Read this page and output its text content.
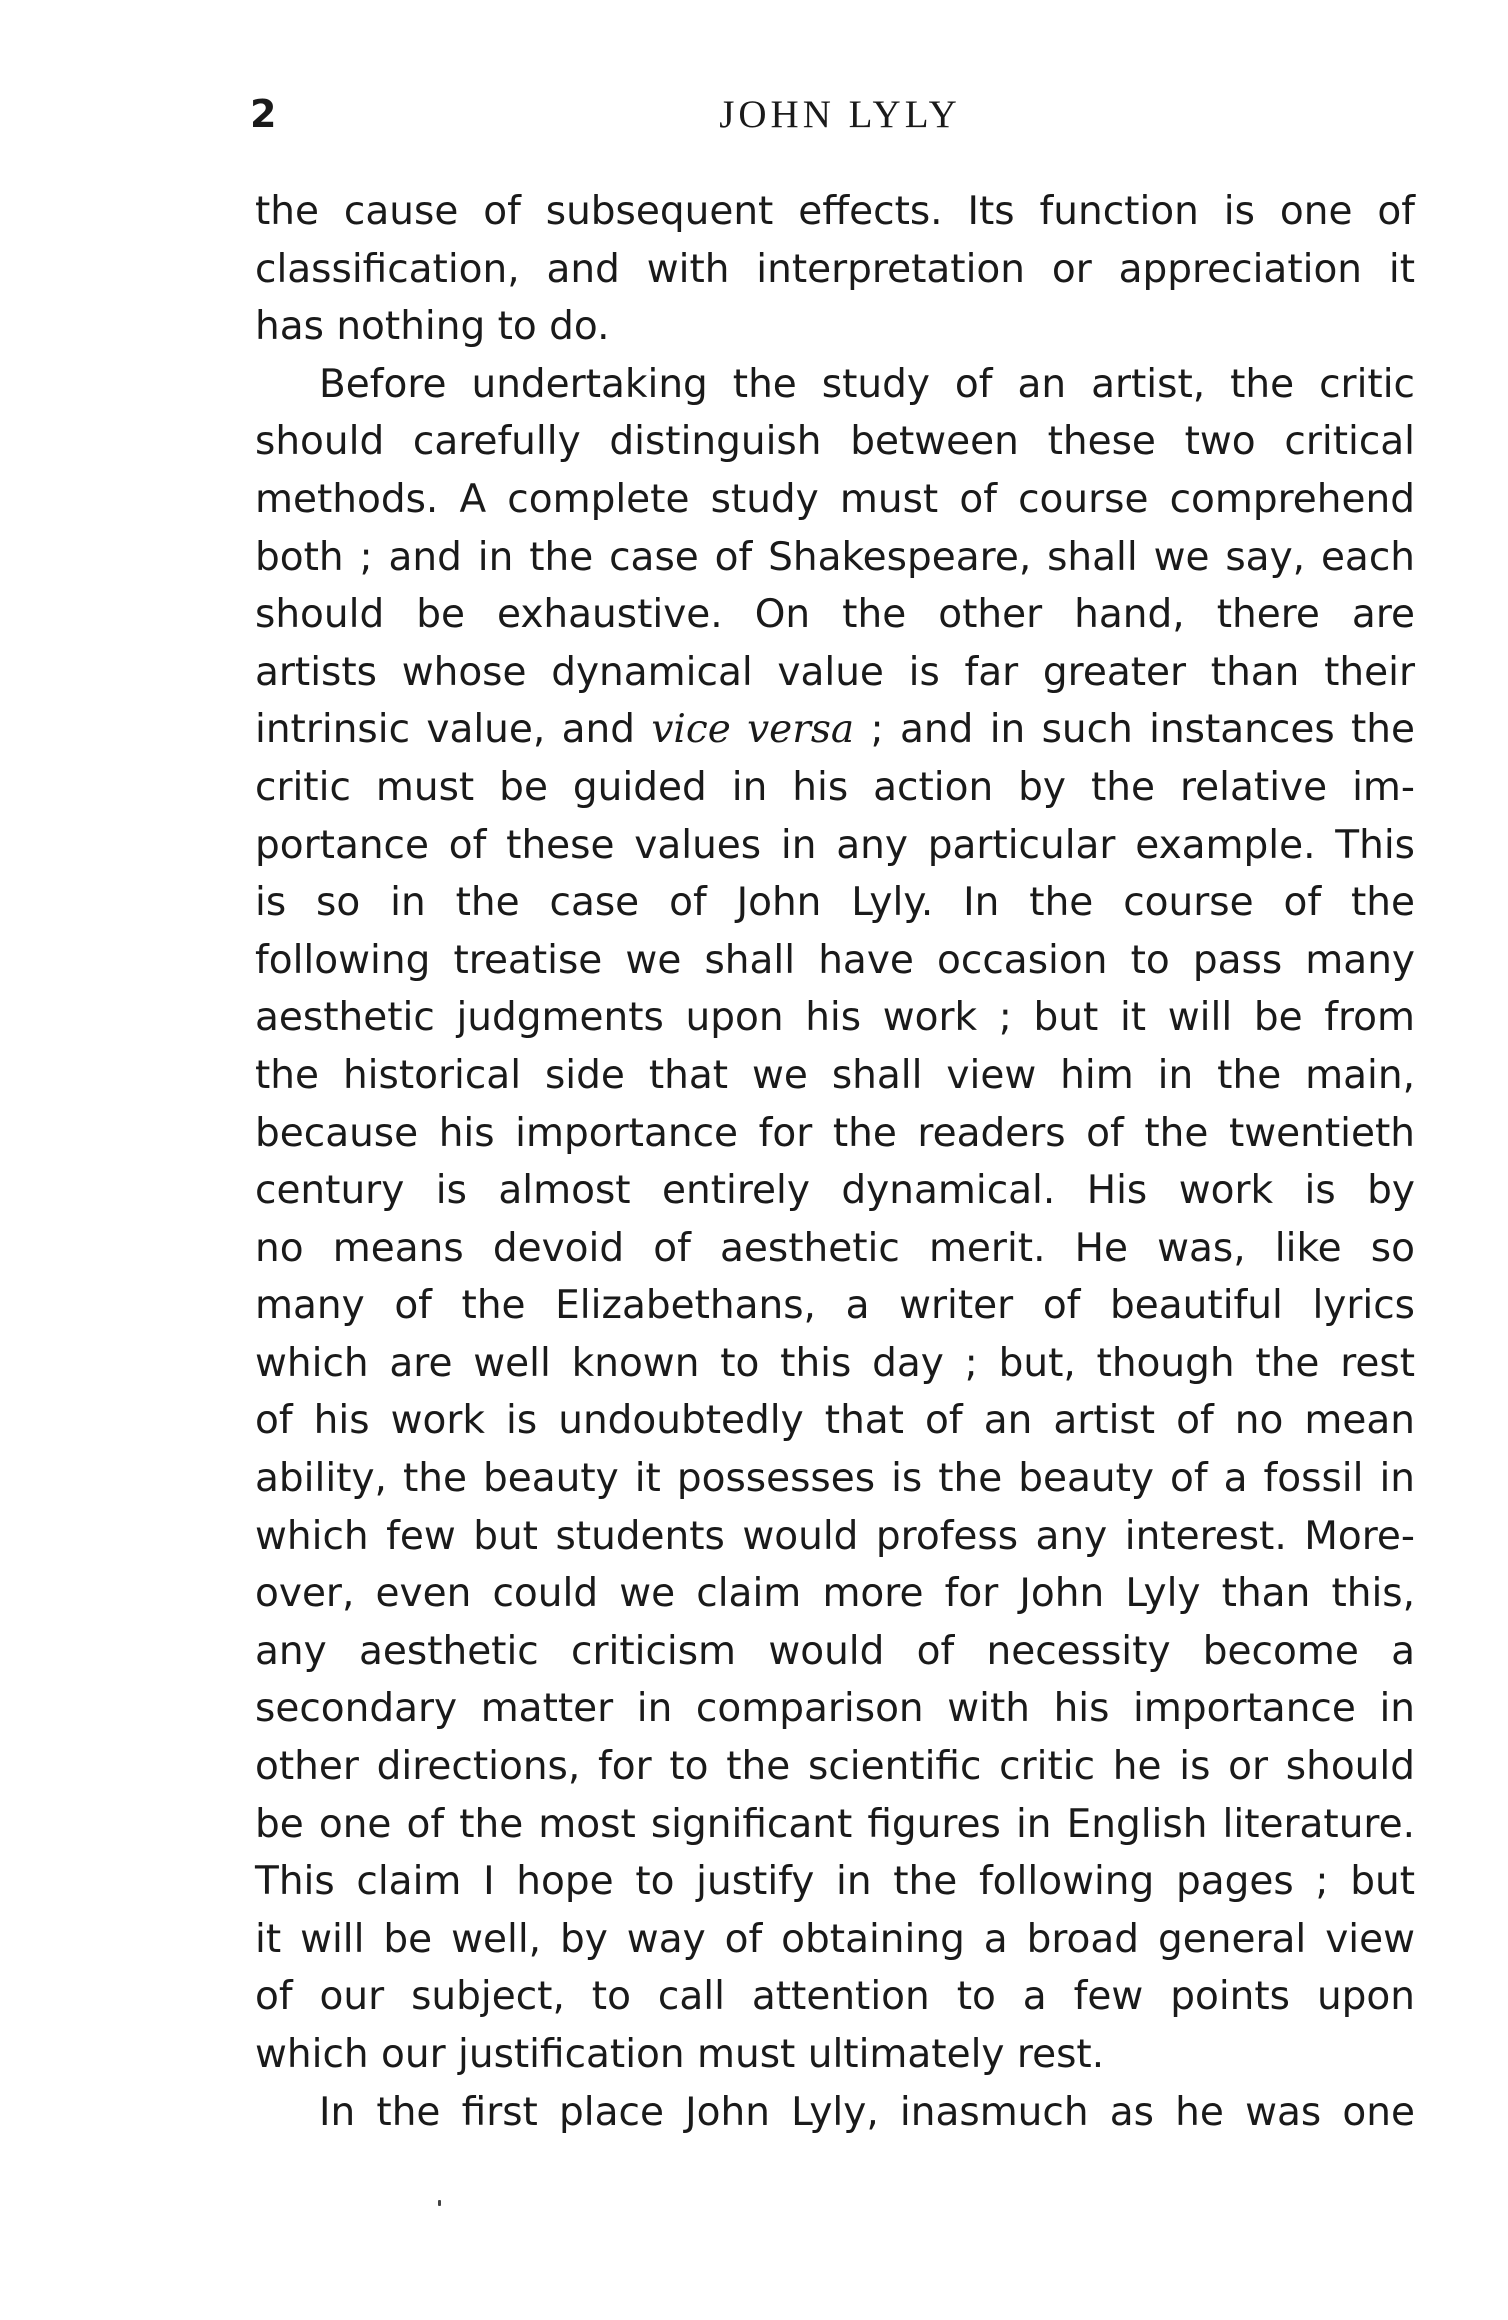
2	JOHN LYLY
the cause of subsequent effects. Its function is one of
classification, and with interpretation or appreciation it
has nothing to do.
Before undertaking the study of an artist, the critic
should carefully distinguish between these two critical
methods. A complete study must of course comprehend
both ; and in the case of Shakespeare, shall we say, each
should be exhaustive. On the other hand, there are
artists whose dynamical value is far greater than their
intrinsic value, and vice versa ; and in such instances the
critic must be guided in his action by the relative im-
portance of these values in any particular example. This
is so in the case of John Lyly. In the course of the
following treatise we shall have occasion to pass many
aesthetic judgments upon his work ; but it will be from
the historical side that we shall view him in the main,
because his importance for the readers of the twentieth
century is almost entirely dynamical. His work is by
no means devoid of aesthetic merit. He was, like so
many of the Elizabethans, a writer of beautiful lyrics
which are well known to this day ; but, though the rest
of his work is undoubtedly that of an artist of no mean
ability, the beauty it possesses is the beauty of a fossil in
which few but students would profess any interest. More-
over, even could we claim more for John Lyly than this,
any aesthetic criticism would of necessity become a
secondary matter in comparison with his importance in
other directions, for to the scientific critic he is or should
be one of the most significant figures in English literature.
This claim I hope to justify in the following pages ; but
it will be well, by way of obtaining a broad general view
of our subject, to call attention to a few points upon
which our justification must ultimately rest.
In the first place John Lyly, inasmuch as he was one
